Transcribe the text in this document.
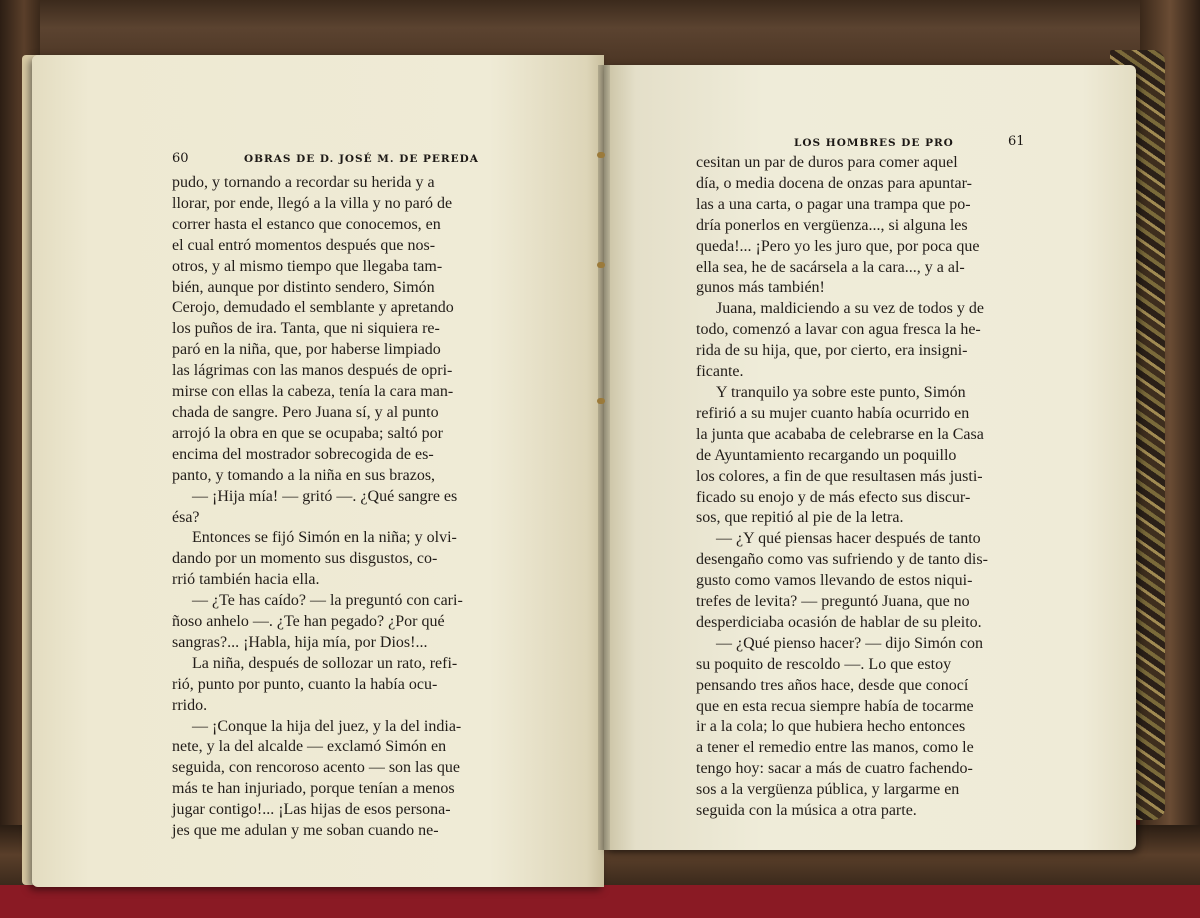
60	OBRAS DE D. JOSÉ M. DE PEREDA
pudo, y tornando a recordar su herida y a
llorar, por ende, llegó a la villa y no paró de
correr hasta el estanco que conocemos, en
el cual entró momentos después que nos-
otros, y al mismo tiempo que llegaba tam-
bién, aunque por distinto sendero, Simón
Cerojo, demudado el semblante y apretando
los puños de ira. Tanta, que ni siquiera re-
paró en la niña, que, por haberse limpiado
las lágrimas con las manos después de opri-
mirse con ellas la cabeza, tenía la cara man-
chada de sangre. Pero Juana sí, y al punto
arrojó la obra en que se ocupaba; saltó por
encima del mostrador sobrecogida de es-
panto, y tomando a la niña en sus brazos,
— ¡Hija mía! — gritó —. ¿Qué sangre es
ésa?
Entonces se fijó Simón en la niña; y olvi-
dando por un momento sus disgustos, co-
rrió también hacia ella.
— ¿Te has caído? — la preguntó con cari-
ñoso anhelo —. ¿Te han pegado? ¿Por qué
sangras?... ¡Habla, hija mía, por Dios!...
La niña, después de sollozar un rato, refi-
rió, punto por punto, cuanto la había ocu-
rrido.
— ¡Conque la hija del juez, y la del india-
nete, y la del alcalde — exclamó Simón en
seguida, con rencoroso acento — son las que
más te han injuriado, porque tenían a menos
jugar contigo!... ¡Las hijas de esos persona-
jes que me adulan y me soban cuando ne-
LOS HOMBRES DE PRO	61
cesitan un par de duros para comer aquel
día, o media docena de onzas para apuntar-
las a una carta, o pagar una trampa que po-
dría ponerlos en vergüenza..., si alguna les
queda!... ¡Pero yo les juro que, por poca que
ella sea, he de sacársela a la cara..., y a al-
gunos más también!
Juana, maldiciendo a su vez de todos y de
todo, comenzó a lavar con agua fresca la he-
rida de su hija, que, por cierto, era insigni-
ficante.
Y tranquilo ya sobre este punto, Simón
refirió a su mujer cuanto había ocurrido en
la junta que acababa de celebrarse en la Casa
de Ayuntamiento recargando un poquillo
los colores, a fin de que resultasen más justi-
ficado su enojo y de más efecto sus discur-
sos, que repitió al pie de la letra.
— ¿Y qué piensas hacer después de tanto
desengaño como vas sufriendo y de tanto dis-
gusto como vamos llevando de estos niqui-
trefes de levita? — preguntó Juana, que no
desperdiciaba ocasión de hablar de su pleito.
— ¿Qué pienso hacer? — dijo Simón con
su poquito de rescoldo —. Lo que estoy
pensando tres años hace, desde que conocí
que en esta recua siempre había de tocarme
ir a la cola; lo que hubiera hecho entonces
a tener el remedio entre las manos, como le
tengo hoy: sacar a más de cuatro fachendo-
sos a la vergüenza pública, y largarme en
seguida con la música a otra parte.
